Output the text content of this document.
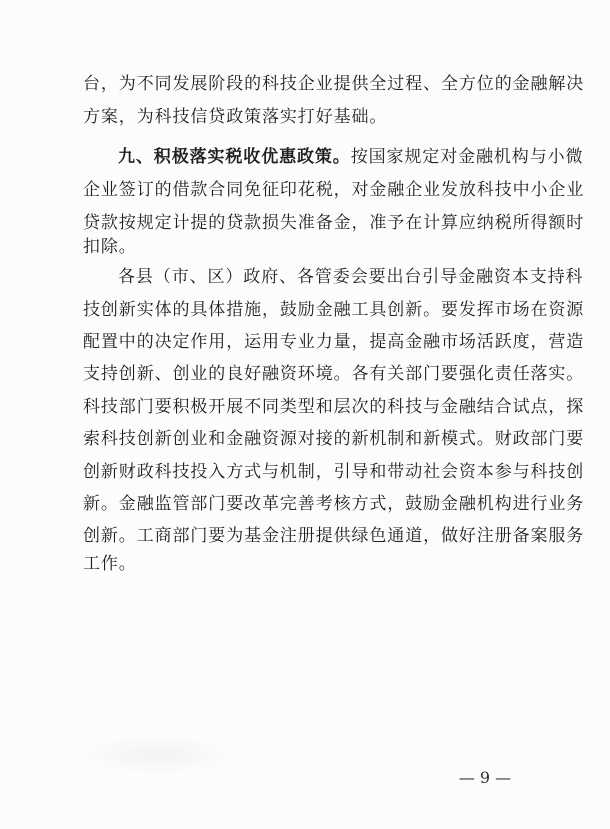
台，为不同发展阶段的科技企业提供全过程、全方位的金融解决
方案，为科技信贷政策落实打好基础。
九、积极落实税收优惠政策。按国家规定对金融机构与小微
企业签订的借款合同免征印花税，对金融企业发放科技中小企业
贷款按规定计提的贷款损失准备金，准予在计算应纳税所得额时
扣除。
各县（市、区）政府、各管委会要出台引导金融资本支持科
技创新实体的具体措施，鼓励金融工具创新。要发挥市场在资源
配置中的决定作用，运用专业力量，提高金融市场活跃度，营造
支持创新、创业的良好融资环境。各有关部门要强化责任落实。
科技部门要积极开展不同类型和层次的科技与金融结合试点，探
索科技创新创业和金融资源对接的新机制和新模式。财政部门要
创新财政科技投入方式与机制，引导和带动社会资本参与科技创
新。金融监管部门要改革完善考核方式，鼓励金融机构进行业务
创新。工商部门要为基金注册提供绿色通道，做好注册备案服务
工作。
— 9 —
